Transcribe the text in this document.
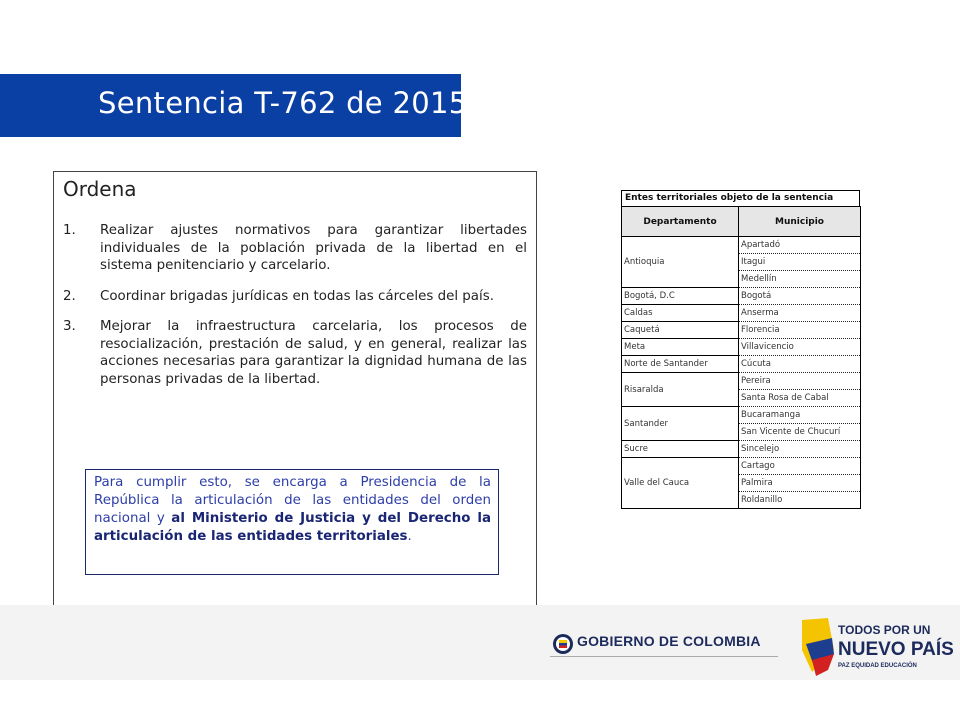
Sentencia T-762 de 2015
Ordena
1.	Realizar ajustes normativos para garantizar libertades individuales de la población privada de la libertad en el sistema penitenciario y carcelario.
2.	Coordinar brigadas jurídicas en todas las cárceles del país.
3.	Mejorar la infraestructura carcelaria, los procesos de resocialización, prestación de salud, y en general, realizar las acciones necesarias para garantizar la dignidad humana de las personas privadas de la libertad.
Para cumplir esto, se encarga a Presidencia de la República la articulación de las entidades del orden nacional y al Ministerio de Justicia y del Derecho la articulación de las entidades territoriales.
Entes territoriales objeto de la sentencia
Departamento	Municipio
Antioquia	Apartadó
	Itagui
	Medellín
Bogotá, D.C	Bogotá
Caldas	Anserma
Caquetá	Florencia
Meta	Villavicencio
Norte de Santander	Cúcuta
Risaralda	Pereira
	Santa Rosa de Cabal
Santander	Bucaramanga
	San Vicente de Chucurí
Sucre	Sincelejo
Valle del Cauca	Cartago
	Palmira
	Roldanillo
GOBIERNO DE COLOMBIA
TODOS POR UN
NUEVO PAÍS
PAZ EQUIDAD EDUCACIÓN
